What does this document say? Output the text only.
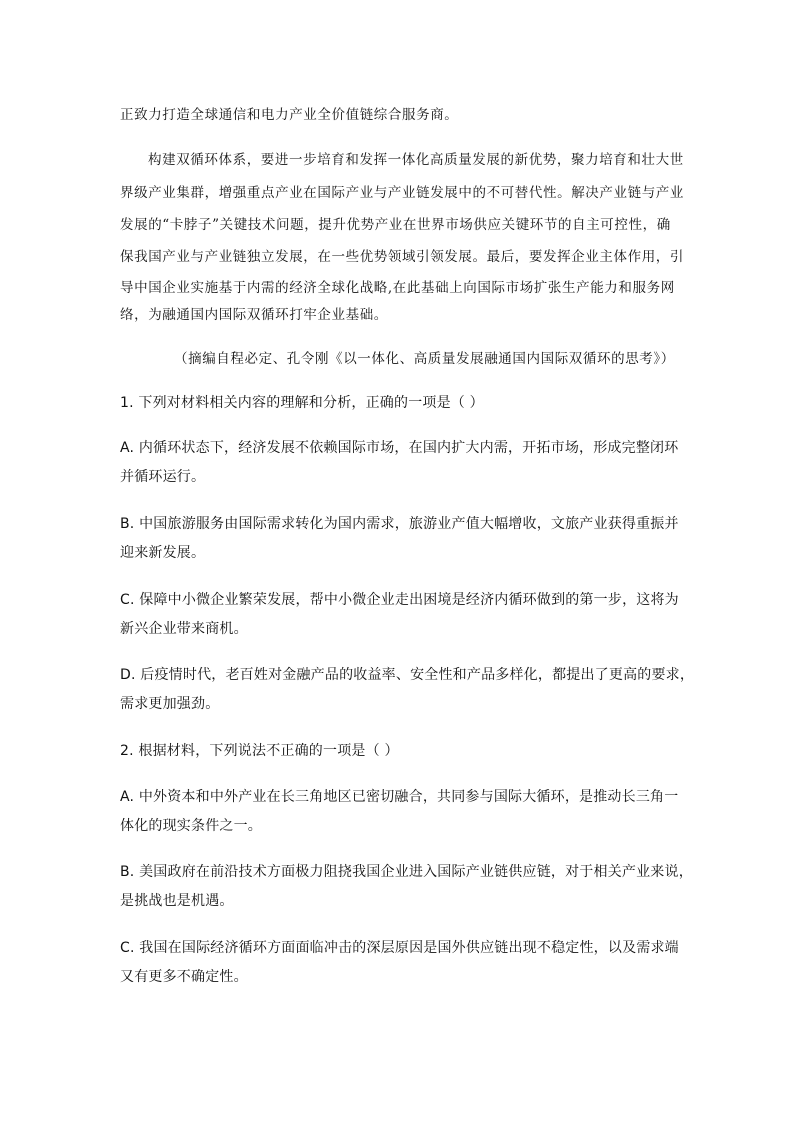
正致力打造全球通信和电力产业全价值链综合服务商。
构建双循环体系，要进一步培育和发挥一体化高质量发展的新优势，聚力培育和壮大世
界级产业集群，增强重点产业在国际产业与产业链发展中的不可替代性。解决产业链与产业
发展的“卡脖子”关键技术问题，提升优势产业在世界市场供应关键环节的自主可控性，确
保我国产业与产业链独立发展，在一些优势领域引领发展。最后，要发挥企业主体作用，引
导中国企业实施基于内需的经济全球化战略,在此基础上向国际市场扩张生产能力和服务网
络，为融通国内国际双循环打牢企业基础。
（摘编自程必定、孔令刚《以一体化、高质量发展融通国内国际双循环的思考》）
1. 下列对材料相关内容的理解和分析，正确的一项是（ ）
A. 内循环状态下，经济发展不依赖国际市场，在国内扩大内需，开拓市场，形成完整闭环
并循环运行。
B. 中国旅游服务由国际需求转化为国内需求，旅游业产值大幅增收，文旅产业获得重振并
迎来新发展。
C. 保障中小微企业繁荣发展，帮中小微企业走出困境是经济内循环做到的第一步，这将为
新兴企业带来商机。
D. 后疫情时代，老百姓对金融产品的收益率、安全性和产品多样化，都提出了更高的要求，
需求更加强劲。
2. 根据材料，下列说法不正确的一项是（ ）
A. 中外资本和中外产业在长三角地区已密切融合，共同参与国际大循环，是推动长三角一
体化的现实条件之一。
B. 美国政府在前沿技术方面极力阻挠我国企业进入国际产业链供应链，对于相关产业来说，
是挑战也是机遇。
C. 我国在国际经济循环方面面临冲击的深层原因是国外供应链出现不稳定性，以及需求端
又有更多不确定性。
